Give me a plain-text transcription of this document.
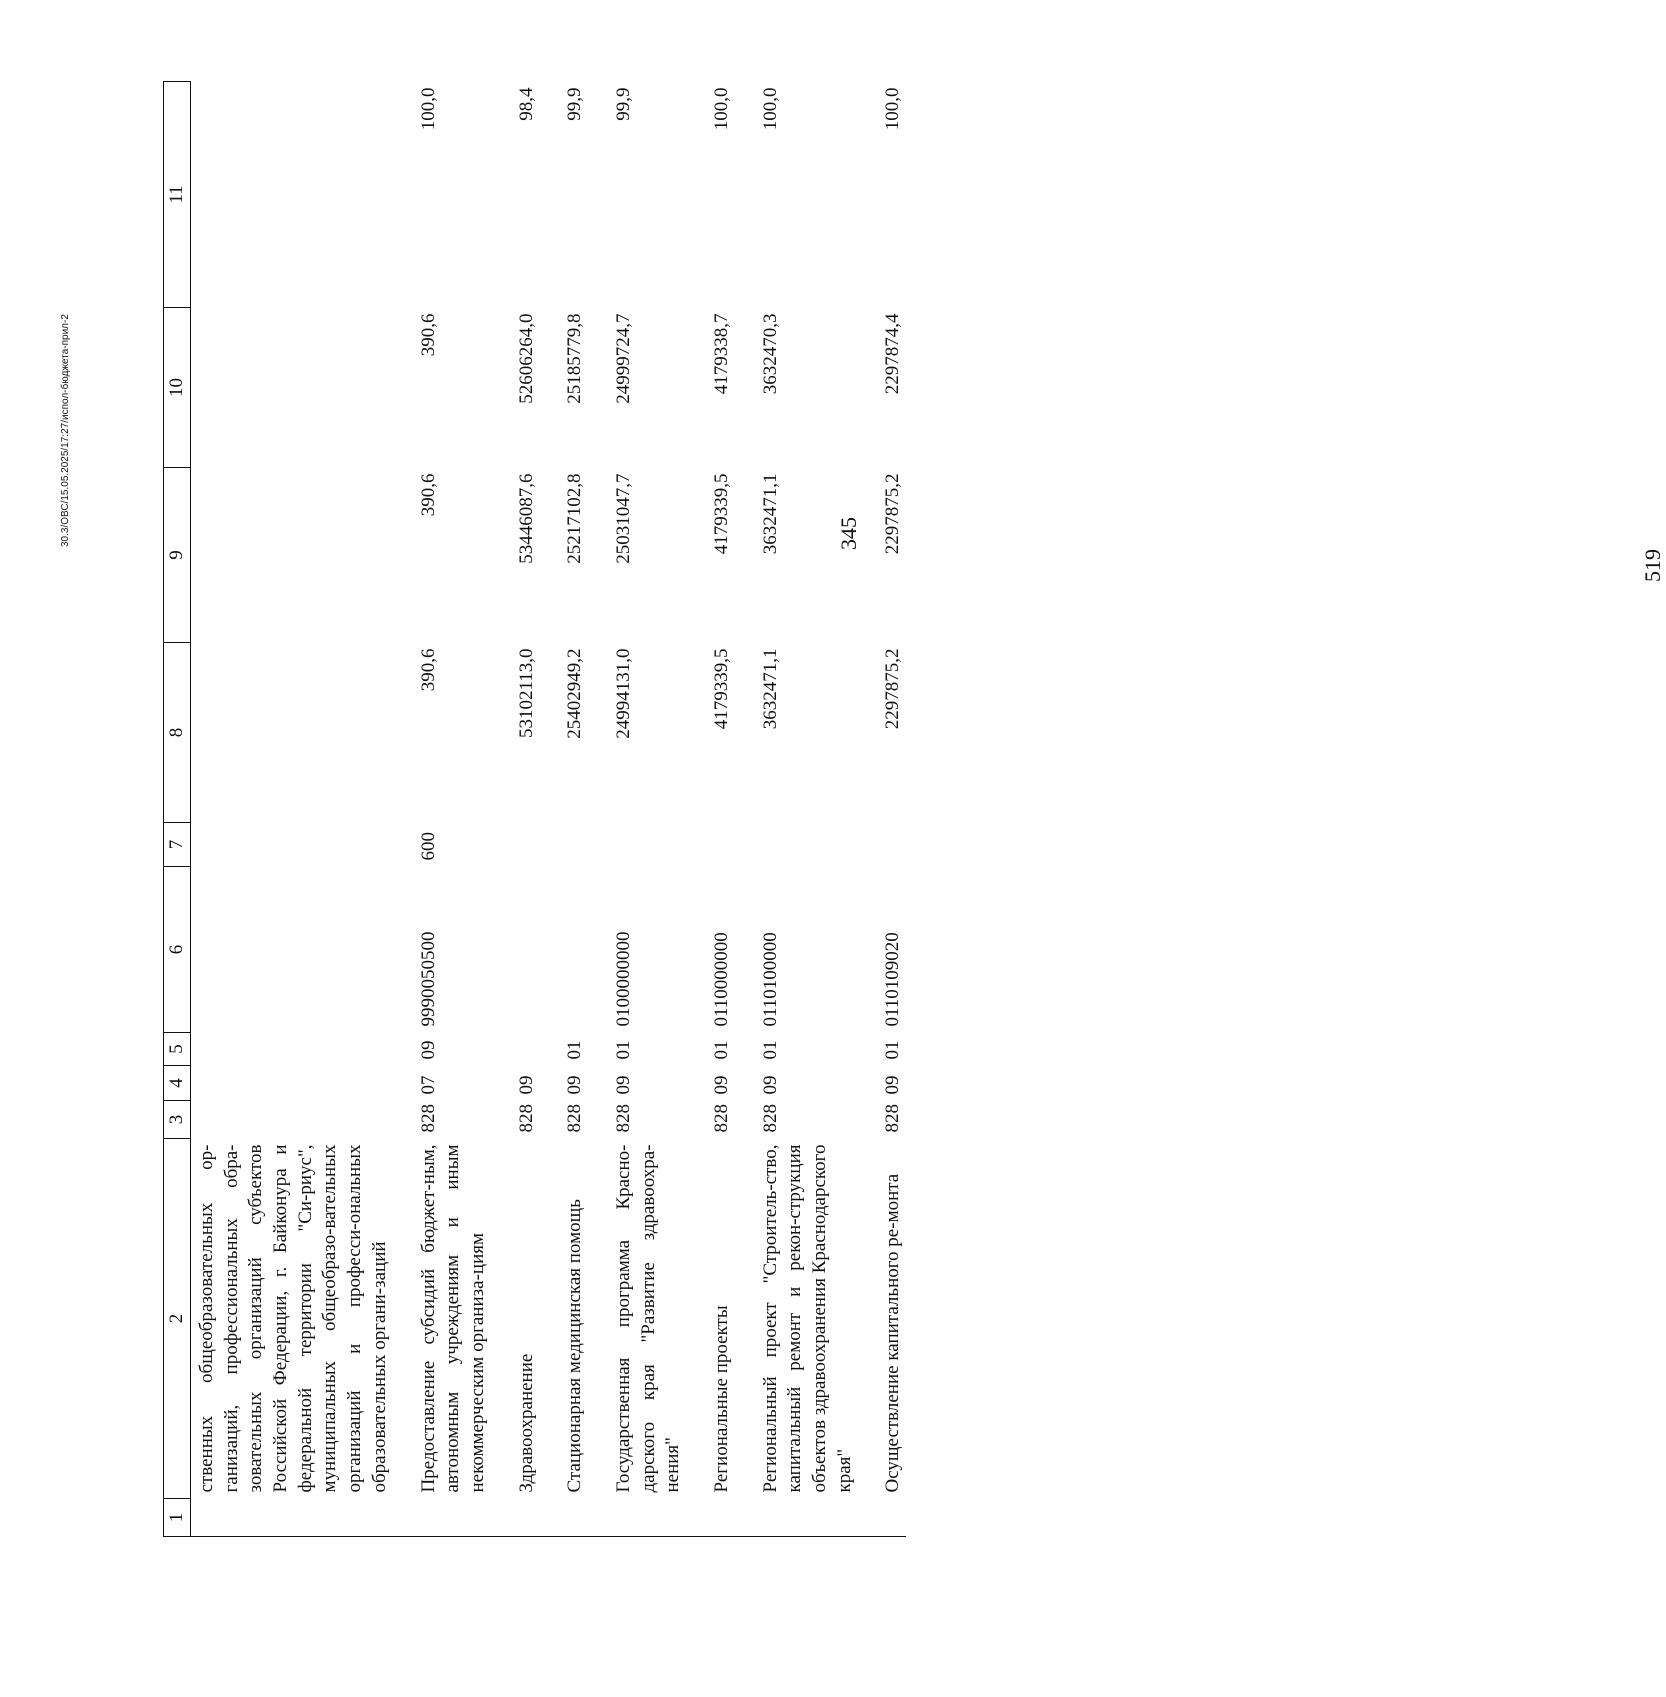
345
30.3/ОВС/15.05.2025/17:27/испол-бюджета-прил-2
1	2	3	4	5	6	7	8	9	10	11
	ственных общеобразовательных ор-ганизаций, профессиональных обра-зовательных организаций субъектов Российской Федерации, г. Байконура и федеральной территории "Си-риус", муниципальных общеобразо-вательных организаций и професси-ональных образовательных органи-заций									
	Предоставление субсидий бюджет-ным, автономным учреждениям и иным некоммерческим организа-циям	828	07	09	9990050500	600	390,6	390,6	390,6	100,0
	Здравоохранение	828	09				53102113,0	53446087,6	52606264,0	98,4
	Стационарная медицинская помощь	828	09	01			25402949,2	25217102,8	25185779,8	99,9
	Государственная программа Красно-дарского края "Развитие здравоохра-нения"	828	09	01	0100000000		24994131,0	25031047,7	24999724,7	99,9
	Региональные проекты	828	09	01	0110000000		4179339,5	4179339,5	4179338,7	100,0
	Региональный проект "Строитель-ство, капитальный ремонт и рекон-струкция объектов здравоохранения Краснодарского края"	828	09	01	0110100000		3632471,1	3632471,1	3632470,3	100,0
	Осуществление капитального ре-монта	828	09	01	0110109020		2297875,2	2297875,2	2297874,4	100,0
519
